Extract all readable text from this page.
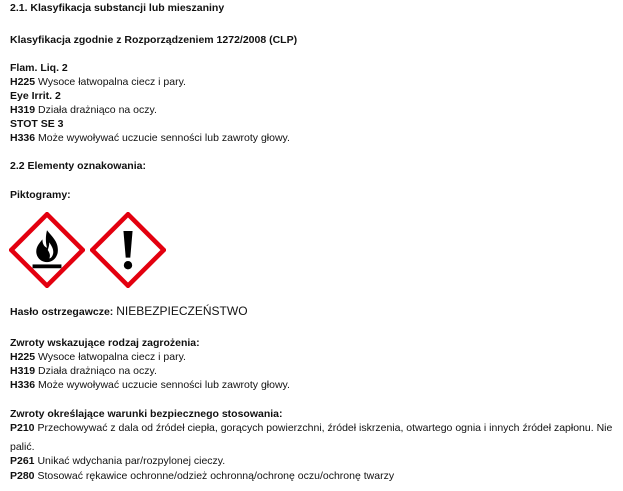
2.1. Klasyfikacja substancji lub mieszaniny
Klasyfikacja zgodnie z Rozporządzeniem 1272/2008 (CLP)
Flam. Liq. 2
H225 Wysoce łatwopalna ciecz i pary.
Eye Irrit. 2
H319 Działa drażniąco na oczy.
STOT SE 3
H336 Może wywoływać uczucie senności lub zawroty głowy.
2.2 Elementy oznakowania:
Piktogramy:
Hasło ostrzegawcze: NIEBEZPIECZEŃSTWO
Zwroty wskazujące rodzaj zagrożenia:
H225 Wysoce łatwopalna ciecz i pary.
H319 Działa drażniąco na oczy.
H336 Może wywoływać uczucie senności lub zawroty głowy.
Zwroty określające warunki bezpiecznego stosowania:
P210 Przechowywać z dala od źródeł ciepła, gorących powierzchni, źródeł iskrzenia, otwartego ognia i innych źródeł zapłonu. Nie palić.
P261 Unikać wdychania par/rozpylonej cieczy.
P280 Stosować rękawice ochronne/odzież ochronną/ochronę oczu/ochronę twarzy
